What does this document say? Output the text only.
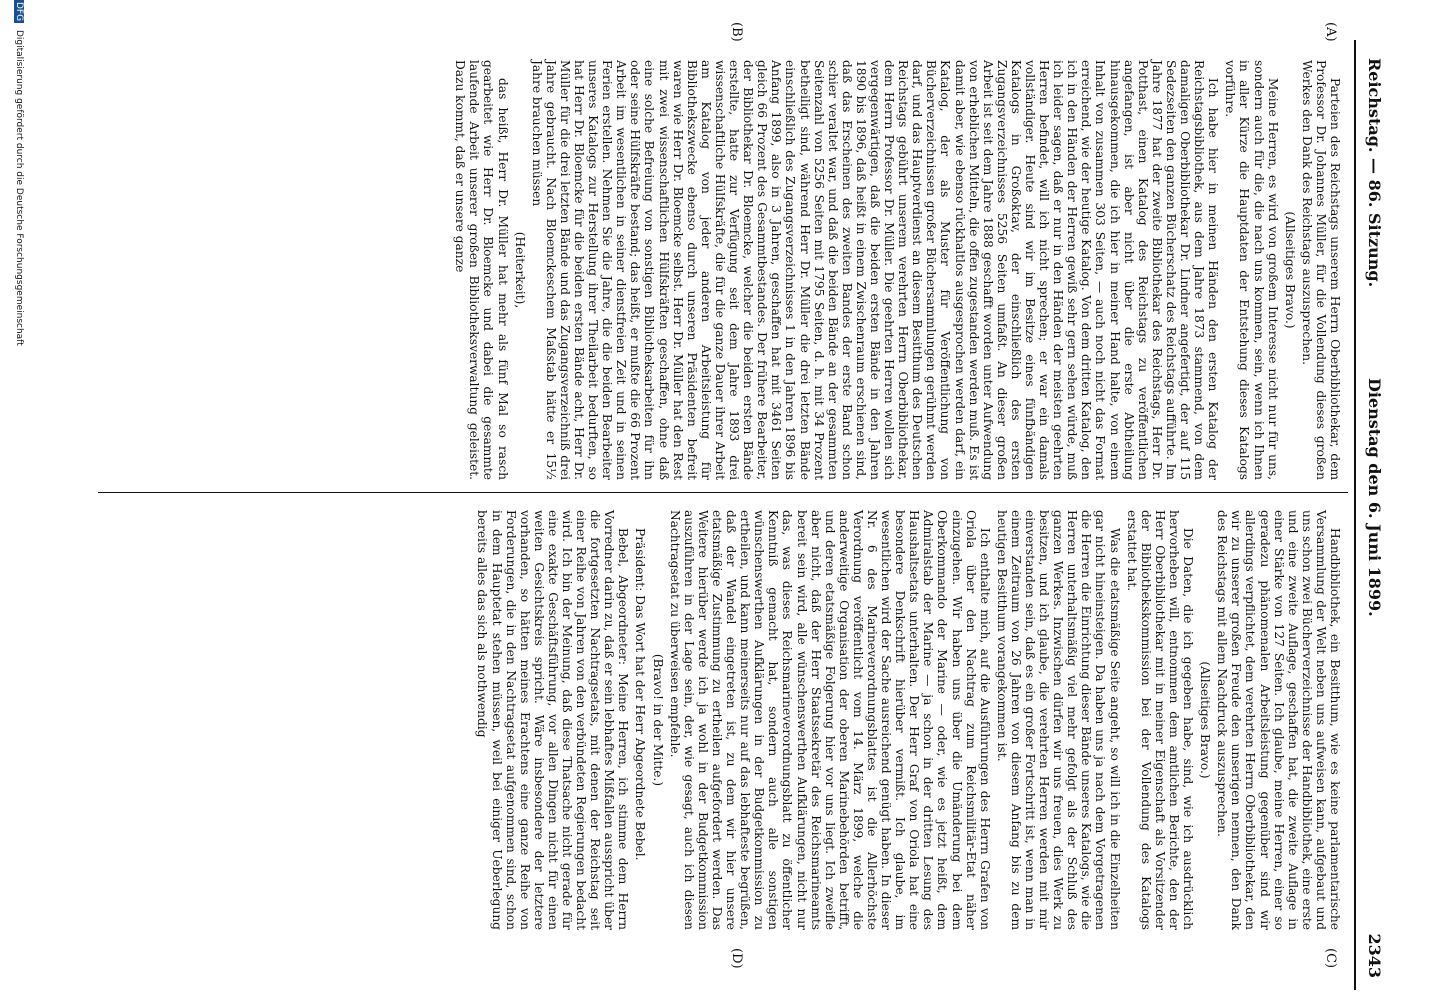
Reichstag. — 86. Sitzung.
Dienstag den 6. Juni 1899.
2343
(A)
(B)
(C)
(D)

Parteien des Reichstags unserem Herrn Oberbibliothekar, dem Professor Dr. Johannes Müller, für die Vollendung dieses großen Werkes den Dank des Reichstags auszusprechen.

(Allseitiges Bravo.)

Meine Herren, es wird von großem Interesse nicht nur für uns, sondern auch für die, die nach uns kommen, sein, wenn ich Ihnen in aller Kürze die Hauptdaten der Entstehung dieses Katalogs vorführe.

Ich habe hier in meinen Händen den ersten Katalog der Reichstagsbibliothek, aus dem Jahre 1873 stammend, von dem damaligen Oberbibliothekar Dr. Lindner angefertigt, der auf 115 Sedezseiten den ganzen Bücherschatz des Reichstags aufführte. Im Jahre 1877 hat der zweite Bibliothekar des Reichstags, Herr Dr. Potthast, einen Katalog des Reichstags zu veröffentlichen angefangen, ist aber nicht über die erste Abtheilung hinausgekommen, die ich hier in meiner Hand halte, von einem Inhalt von zusammen 303 Seiten, — auch noch nicht das Format erreichend, wie der heutige Katalog. Von dem dritten Katalog, den ich in den Händen der Herren gewiß sehr gern sehen würde, muß ich leider sagen, daß er nur in den Händen der meisten geehrten Herren befindet, will ich nicht sprechen; er war ein damals vollständiger. Heute sind wir im Besitze eines fünfbändigen Katalogs in Großoktav, der einschließlich des ersten Zugangsverzeichnisses 5256 Seiten umfaßt. An dieser großen Arbeit ist seit dem Jahre 1888 geschafft worden unter Aufwendung von erheblichen Mitteln, die offen zugestanden werden muß. Es ist damit aber, wie ebenso rückhaltlos ausgesprochen werden darf, ein Katalog, der als Muster für Veröffentlichung von Bücherverzeichnissen großer Büchersammlungen gerühmt werden darf, und das Hauptverdienst an diesem Besitthum des Deutschen Reichstags gebührt unserem verehrten Herrn Oberbibliothekar, dem Herrn Professor Dr. Müller. Die geehrten Herren wollen sich vergegenwärtigen, daß die beiden ersten Bände in den Jahren 1890 bis 1896, daß heißt in einem Zwischenraum erschienen sind, daß das Erscheinen des zweiten Bandes der erste Band schon schier veraltet war, und daß die beiden Bände an der gesammten Seitenzahl von 5256 Seiten mit 1795 Seiten, d. h. mit 34 Prozent betheiligt sind, während Herr Dr. Müller die drei letzten Bände einschließlich des Zugangsverzeichnisses 1 in den Jahren 1896 bis Anfang 1899, also in 3 Jahren, geschaffen hat mit 3461 Seiten gleich 66 Prozent des Gesammtbestandes. Der frühere Bearbeiter, der Bibliothekar Dr. Bloemcke, welcher die beiden ersten Bände erstellte, hatte zur Verfügung seit dem Jahre 1893 drei wissenschaftliche Hülfskräfte, die für die ganze Dauer ihrer Arbeit am Katalog von jeder anderen Arbeitsleistung für Bibliothekszwecke ebenso durch unseren Präsidenten befreit waren wie Herr Dr. Bloemcke selbst. Herr Dr. Müller hat den Rest mit zwei wissenschaftlichen Hülfskräften geschaffen, ohne daß eine solche Befreiung von sonstigen Bibliotheksarbeiten für ihn oder seine Hülfskräfte bestand; das heißt, er mußte die 66 Prozent Arbeit im wesentlichen in seiner dienstfreien Zeit und in seinen Ferien erstellen. Nehmen Sie die Jahre, die die beiden Bearbeiter unseres Katalogs zur Herstellung ihrer Theilarbeit bedurften, so hat Herr Dr. Bloemcke für die beiden ersten Bände acht, Herr Dr. Müller für die drei letzten Bände und das Zugangsverzeichniß drei Jahre gebraucht. Nach Bloemckeschem Maßstab hätte er 15½ Jahre brauchen müssen

(Heiterkeit),

das heißt, Herr Dr. Müller hat mehr als fünf Mal so rasch gearbeitet wie Herr Dr. Bloemcke und dabei die gesammte laufende Arbeit unserer großen Bibliotheksverwaltung geleistet. Dazu kommt, daß er unsere ganze

Handbibliothek, ein Besitthum, wie es keine parlamentarische Versammlung der Welt neben uns aufweisen kann, aufgebaut und uns schon zwei Bücherverzeichnisse der Handbibliothek, eine erste und eine zweite Auflage, geschaffen hat, die zweite Auflage in einer Stärke von 127 Seiten. Ich glaube, meine Herren, einer so geradezu phänomenalen Arbeitsleistung gegenüber sind wir allerdings verpflichtet, dem verehrten Herrn Oberbibliothekar, den wir zu unserer großen Freude den unserigen nennen, den Dank des Reichstags mit allem Nachdruck auszusprechen.

(Allseitiges Bravo.)

Die Daten, die ich gegeben habe, sind, wie ich ausdrücklich hervorheben will, entnommen dem amtlichen Berichte, den der Herr Oberbibliothekar mit in meiner Eigenschaft als Vorsitzender der Bibliothekskommission bei der Vollendung des Katalogs erstattet hat.

Was die etatsmäßige Seite angeht, so will ich in die Einzelheiten gar nicht hineinsteigen. Da haben uns ja nach dem Vorgetragenen die Herren die Einrichtung dieser Bände unseres Katalogs, wie die Herren unterhaltsmäßig viel mehr gefolgt als der Schluß des ganzen Werkes. Inzwischen dürfen wir uns freuen, dies Werk zu besitzen, und ich glaube, die verehrten Herren werden mit mir einverstanden sein, daß es ein großer Fortschritt ist, wenn man in einem Zeitraum von 26 Jahren von diesem Anfang bis zu dem heutigen Besitthum vorangekommen ist.

Ich enthalte mich, auf die Ausführungen des Herrn Grafen von Oriola über den Nachtrag zum Reichsmilitär-Etat näher einzugehen. Wir haben uns über die Umänderung bei dem Oberkommando der Marine — oder, wie es jetzt heißt, dem Admiralstab der Marine — ja schon in der dritten Lesung des Haushaltsetats unterhalten. Der Herr Graf von Oriola hat eine besondere Denkschrift hierüber vermißt. Ich glaube, im wesentlichen wird der Sache ausreichend genügt haben. In dieser Nr. 6 des Marineverordnungsblattes ist die Allerhöchste Verordnung veröffentlicht vom 14. März 1899, welche die anderweitige Organisation der oberen Marinebehörden betrifft, und deren etatsmäßige Folgerung hier vor uns liegt. Ich zweifle aber nicht, daß der Herr Staatssekretär des Reichsmarineamts bereit sein wird, alle wünschenswerthen Aufklärungen, nicht nur das, was dieses Reichsmarineverordnungsblatt zu öffentlicher Kenntniß gemacht hat, sondern auch alle sonstigen wünschenswerthen Aufklärungen in der Budgetkommission zu ertheilen, und kann meinerseits nur auf das lebhafteste begrüßen, daß der Wandel eingetreten ist, zu dem wir hier unsere etatsmäßige Zustimmung zu ertheilen aufgefordert werden. Das Weitere hierüber werde ich ja wohl in der Budgetkommission auszuführen in der Lage sein, der, wie gesagt, auch ich diesen Nachtragsetat zu überweisen empfehle.

(Bravo! in der Mitte.)

Präsident: Das Wort hat der Herr Abgeordnete Bebel.

Bebel, Abgeordneter: Meine Herren, ich stimme dem Herrn Vorredner darin zu, daß er sein lebhaftes Mißfallen ausspricht über die fortgesetzten Nachtragsetats, mit denen der Reichstag seit einer Reihe von Jahren von den verbündeten Regierungen bedacht wird. Ich bin der Meinung, daß diese Thatsache nicht gerade für eine exakte Geschäftsführung, vor allen Dingen nicht für einen weiten Gesichtskreis spricht. Wäre insbesondere der letztere vorhanden, so hätten meines Erachtens eine ganze Reihe von Forderungen, die in den Nachtragsetat aufgenommen sind, schon in dem Hauptetat stehen müssen, weil bei einiger Ueberlegung bereits alles das sich als nothwendig

DFG Digitalisierung gefördert durch die Deutsche Forschungsgemeinschaft
